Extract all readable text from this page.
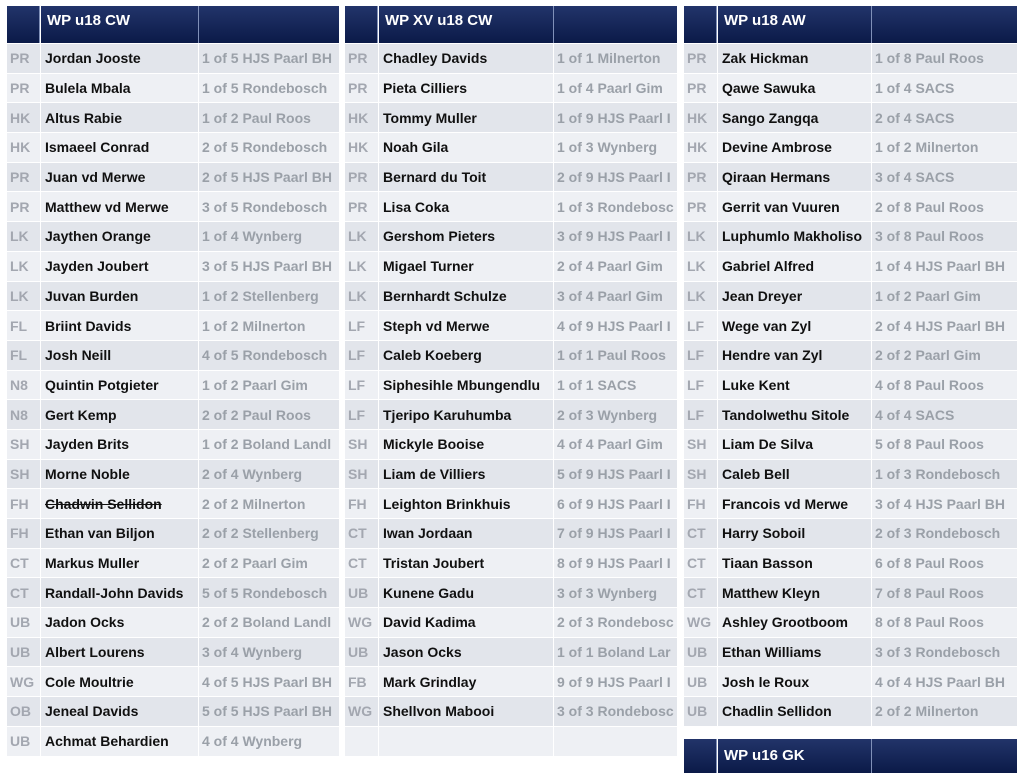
WP u18 CW
PR	Jordan Jooste	1 of 5 HJS Paarl BH
PR	Bulela Mbala	1 of 5 Rondebosch
HK	Altus Rabie	1 of 2 Paul Roos
HK	Ismaeel Conrad	2 of 5 Rondebosch
PR	Juan vd Merwe	2 of 5 HJS Paarl BH
PR	Matthew vd Merwe	3 of 5 Rondebosch
LK	Jaythen Orange	1 of 4 Wynberg
LK	Jayden Joubert	3 of 5 HJS Paarl BH
LK	Juvan Burden	1 of 2 Stellenberg
FL	Briint Davids	1 of 2 Milnerton
FL	Josh Neill	4 of 5 Rondebosch
N8	Quintin Potgieter	1 of 2 Paarl Gim
N8	Gert Kemp	2 of 2 Paul Roos
SH	Jayden Brits	1 of 2 Boland Landl
SH	Morne Noble	2 of 4 Wynberg
FH	Chadwin Sellidon	2 of 2 Milnerton
FH	Ethan van Biljon	2 of 2 Stellenberg
CT	Markus Muller	2 of 2 Paarl Gim
CT	Randall-John Davids	5 of 5 Rondebosch
UB	Jadon Ocks	2 of 2 Boland Landl
UB	Albert Lourens	3 of 4 Wynberg
WG Cole Moultrie	4 of 5 HJS Paarl BH
OB	Jeneal Davids	5 of 5 HJS Paarl BH
UB	Achmat Behardien	4 of 4 Wynberg
WP XV u18 CW
PR	Chadley Davids	1 of 1 Milnerton
PR	Pieta Cilliers	1 of 4 Paarl Gim
HK	Tommy Muller	1 of 9 HJS Paarl I
HK	Noah Gila	1 of 3 Wynberg
PR	Bernard du Toit	2 of 9 HJS Paarl I
PR	Lisa Coka	1 of 3 Rondebosc
LK	Gershom Pieters	3 of 9 HJS Paarl I
LK	Migael Turner	2 of 4 Paarl Gim
LK	Bernhardt Schulze	3 of 4 Paarl Gim
LF	Steph vd Merwe	4 of 9 HJS Paarl I
LF	Caleb Koeberg	1 of 1 Paul Roos
LF	Siphesihle Mbungendlu	1 of 1 SACS
LF	Tjeripo Karuhumba	2 of 3 Wynberg
SH	Mickyle Booise	4 of 4 Paarl Gim
SH	Liam de Villiers	5 of 9 HJS Paarl I
FH	Leighton Brinkhuis	6 of 9 HJS Paarl I
CT	Iwan Jordaan	7 of 9 HJS Paarl I
CT	Tristan Joubert	8 of 9 HJS Paarl I
UB	Kunene Gadu	3 of 3 Wynberg
WG David Kadima	2 of 3 Rondebosc
UB	Jason Ocks	1 of 1 Boland Lar
FB	Mark Grindlay	9 of 9 HJS Paarl I
WG Shellvon Mabooi	3 of 3 Rondebosc
WP u18 AW
PR	Zak Hickman	1 of 8 Paul Roos
PR	Qawe Sawuka	1 of 4 SACS
HK	Sango Zangqa	2 of 4 SACS
HK	Devine Ambrose	1 of 2 Milnerton
PR	Qiraan Hermans	3 of 4 SACS
PR	Gerrit van Vuuren	2 of 8 Paul Roos
LK	Luphumlo Makholiso 3 of 8 Paul Roos
LK	Gabriel Alfred	1 of 4 HJS Paarl BH
LK	Jean Dreyer	1 of 2 Paarl Gim
LF	Wege van Zyl	2 of 4 HJS Paarl BH
LF	Hendre van Zyl	2 of 2 Paarl Gim
LF	Luke Kent	4 of 8 Paul Roos
LF	Tandolwethu Sitole	4 of 4 SACS
SH	Liam De Silva	5 of 8 Paul Roos
SH	Caleb Bell	1 of 3 Rondebosch
FH	Francois vd Merwe	3 of 4 HJS Paarl BH
CT	Harry Soboil	2 of 3 Rondebosch
CT	Tiaan Basson	6 of 8 Paul Roos
CT	Matthew Kleyn	7 of 8 Paul Roos
WG Ashley Grootboom	8 of 8 Paul Roos
UB	Ethan Williams	3 of 3 Rondebosch
UB	Josh le Roux	4 of 4 HJS Paarl BH
UB	Chadlin Sellidon	2 of 2 Milnerton
WP u16 GK
